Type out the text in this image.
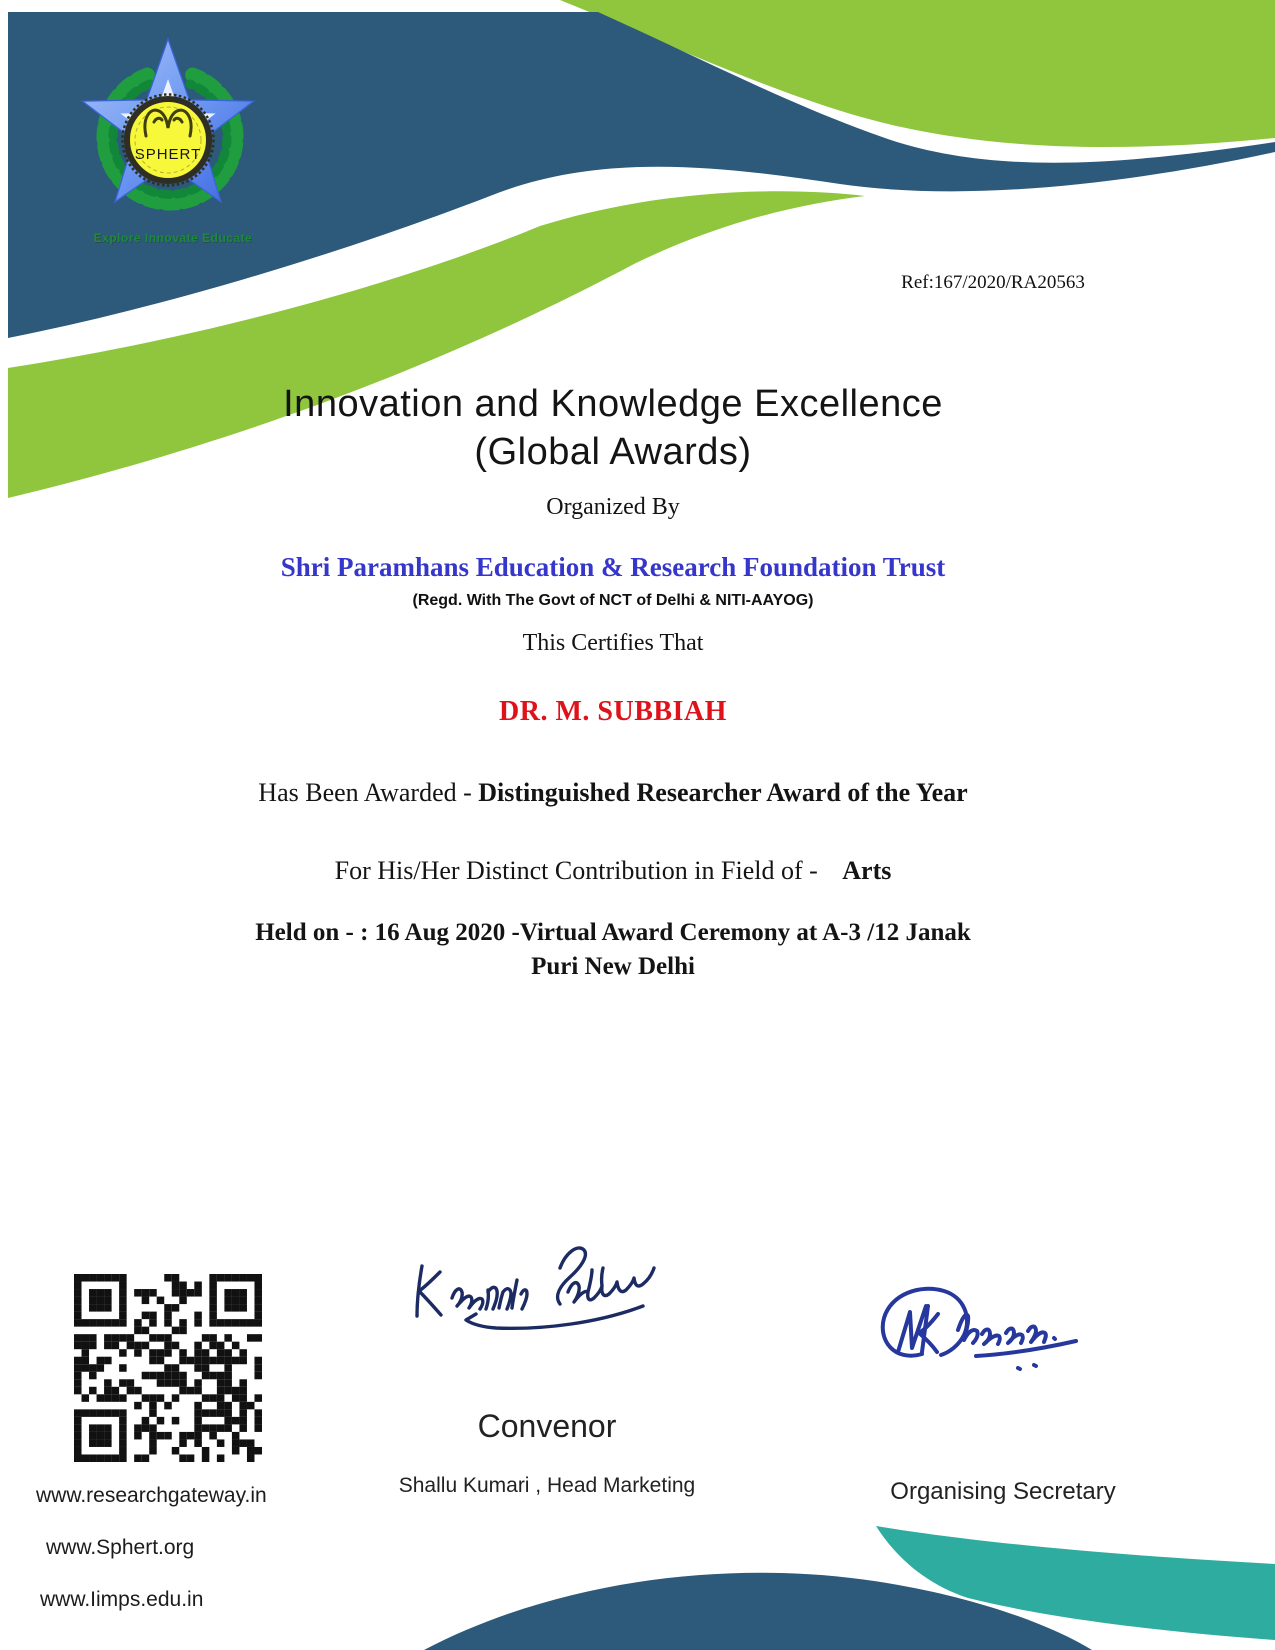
SPHERT
Explore Innovate Educate
Ref:167/2020/RA20563
Innovation and Knowledge Excellence
(Global Awards)
Organized By
Shri Paramhans Education & Research Foundation Trust
(Regd. With The Govt of NCT of Delhi & NITI-AAYOG)
This Certifies That
DR. M. SUBBIAH
Has Been Awarded - Distinguished Researcher Award of the Year
For His/Her Distinct Contribution in Field of - Arts
Held on - : 16 Aug 2020 -Virtual Award Ceremony at A-3 /12 Janak
Puri New Delhi
www.researchgateway.in
www.Sphert.org
www.Iimps.edu.in
Convenor
Shallu Kumari , Head Marketing	Organising Secretary
